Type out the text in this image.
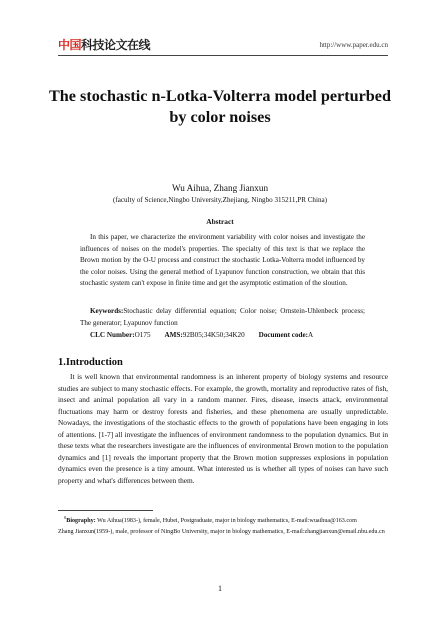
中国科技论文在线	http://www.paper.edu.cn
The stochastic n-Lotka-Volterra model perturbed by color noises
Wu Aihua, Zhang Jianxun
(faculty of Science,Ningbo University,Zhejiang, Ningbo 315211,PR China)
Abstract

In this paper, we characterize the environment variability with color noises and investigate the influences of noises on the model's properties. The specialty of this text is that we replace the Brown motion by the O-U process and construct the stochastic Lotka-Volterra model influenced by the color noises. Using the general method of Lyapunov function construction, we obtain that this stochastic system can't expose in finite time and get the asymptotic estimation of the sloution.

Keywords:Stochastic delay differential equation; Color noise; Ornstein-Uhlenbeck process; The generator; Lyapunov function

CLC Number:O175 AMS:92B05;34K50;34K20 Document code:A
1.Introduction

It is well known that environmental randomness is an inherent property of biology systems and resource studies are subject to many stochastic effects. For example, the growth, mortality and reproductive rates of fish, insect and animal population all vary in a random manner. Fires, disease, insects attack, environmental fluctuations may harm or destroy forests and fisheries, and these phenomena are usually unpredictable. Nowadays, the investigations of the stochastic effects to the growth of populations have been engaging in lots of attentions. [1-7] all investigate the influences of environment randomness to the population dynamics. But in these texts what the researchers investigate are the influences of environmental Brown motion to the population dynamics and [1] reveals the important property that the Brown motion suppresses explosions in population dynamics even the presence is a tiny amount. What interested us is whether all types of noises can have such property and what's differences between them.

$^0$Biography: Wu Aihua(1983-), female, Hubei, Postgraduate, major in biology mathematics, E-mail:wuaihua@163.com

Zhang Jianxun(1959-), male, professor of NingBo University, major in biology mathematics, E-mail:zhangjianxun@email.nbu.edu.cn

1
